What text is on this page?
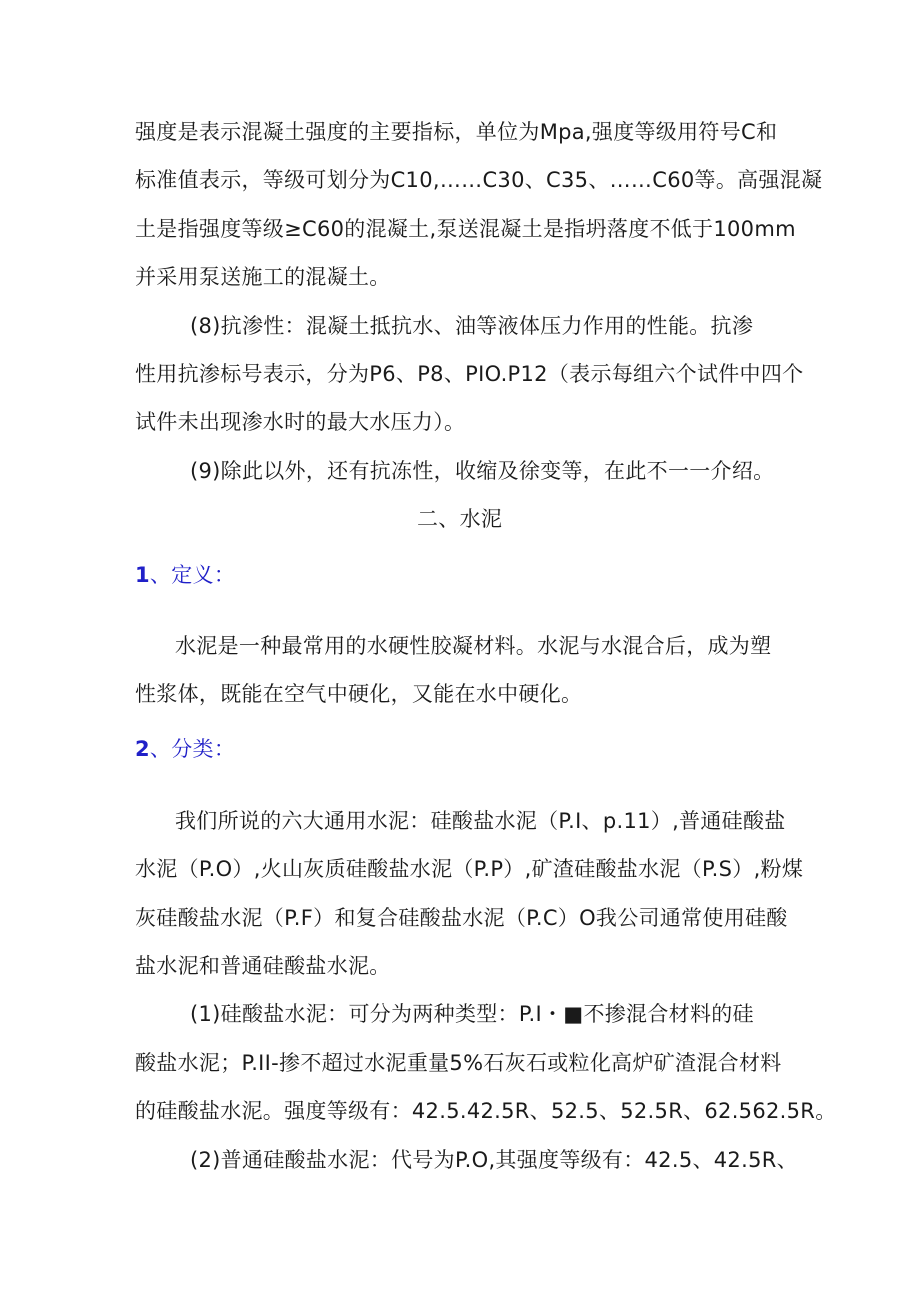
强度是表示混凝土强度的主要指标，单位为Mpa,强度等级用符号C和
标准值表示，等级可划分为C10,……C30、C35、……C60等。高强混凝
土是指强度等级≥C60的混凝土,泵送混凝土是指坍落度不低于100mm
并采用泵送施工的混凝土。
(8)抗渗性：混凝土抵抗水、油等液体压力作用的性能。抗渗
性用抗渗标号表示，分为P6、P8、PIO.P12（表示每组六个试件中四个
试件未出现渗水时的最大水压力）。
(9)除此以外，还有抗冻性，收缩及徐变等，在此不一一介绍。
二、水泥
1、定义：
水泥是一种最常用的水硬性胶凝材料。水泥与水混合后，成为塑
性浆体，既能在空气中硬化，又能在水中硬化。
2、分类：
我们所说的六大通用水泥：硅酸盐水泥（P.I、p.11）,普通硅酸盐
水泥（P.O）,火山灰质硅酸盐水泥（P.P）,矿渣硅酸盐水泥（P.S）,粉煤
灰硅酸盐水泥（P.F）和复合硅酸盐水泥（P.C）O我公司通常使用硅酸
盐水泥和普通硅酸盐水泥。
(1)硅酸盐水泥：可分为两种类型：P.I・■不掺混合材料的硅
酸盐水泥；P.II-掺不超过水泥重量5%石灰石或粒化高炉矿渣混合材料
的硅酸盐水泥。强度等级有：42.5.42.5R、52.5、52.5R、62.562.5R。
(2)普通硅酸盐水泥：代号为P.O,其强度等级有：42.5、42.5R、
